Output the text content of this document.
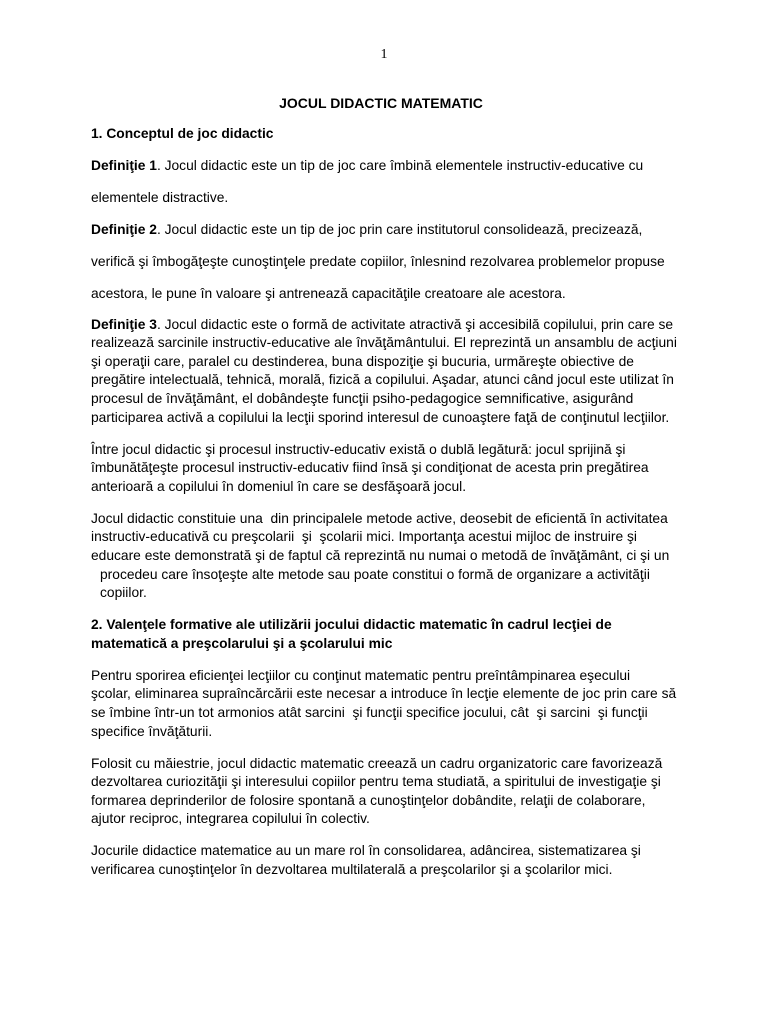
1
JOCUL DIDACTIC MATEMATIC
1. Conceptul de joc didactic
Definiţie 1. Jocul didactic este un tip de joc care îmbină elementele instructiv-educative cu
elementele distractive.
Definiţie 2. Jocul didactic este un tip de joc prin care institutorul consolidează, precizează,
verifică şi îmbogăţeşte cunoştinţele predate copiilor, înlesnind rezolvarea problemelor propuse
acestora, le pune în valoare şi antrenează capacităţile creatoare ale acestora.
Definiţie 3. Jocul didactic este o formă de activitate atractivă şi accesibilă copilului, prin care se
realizează sarcinile instructiv-educative ale învăţământului. El reprezintă un ansamblu de acţiuni
şi operaţii care, paralel cu destinderea, buna dispoziţie şi bucuria, urmăreşte obiective de
pregătire intelectuală, tehnică, morală, fizică a copilului. Aşadar, atunci când jocul este utilizat în
procesul de învăţământ, el dobândeşte funcţii psiho-pedagogice semnificative, asigurând
participarea activă a copilului la lecţii sporind interesul de cunoaştere faţă de conţinutul lecţiilor.
Între jocul didactic şi procesul instructiv-educativ există o dublă legătură: jocul sprijină şi
îmbunătăţeşte procesul instructiv-educativ fiind însă şi condiţionat de acesta prin pregătirea
anterioară a copilului în domeniul în care se desfăşoară jocul.
Jocul didactic constituie una  din principalele metode active, deosebit de eficientă în activitatea
instructiv-educativă cu preşcolarii  şi  şcolarii mici. Importanţa acestui mijloc de instruire şi
educare este demonstrată şi de faptul că reprezintă nu numai o metodă de învăţământ, ci şi un
procedeu care însoţeşte alte metode sau poate constitui o formă de organizare a activităţii
copiilor.
2. Valenţele formative ale utilizării jocului didactic matematic în cadrul lecţiei de
matematică a preşcolarului şi a şcolarului mic
Pentru sporirea eficienţei lecţiilor cu conţinut matematic pentru preîntâmpinarea eşecului
şcolar, eliminarea supraîncărcării este necesar a introduce în lecţie elemente de joc prin care să
se îmbine într-un tot armonios atât sarcini  şi funcţii specifice jocului, cât  şi sarcini  şi funcţii
specifice învăţăturii.
Folosit cu măiestrie, jocul didactic matematic creează un cadru organizatoric care favorizează
dezvoltarea curiozităţii şi interesului copiilor pentru tema studiată, a spiritului de investigaţie şi
formarea deprinderilor de folosire spontană a cunoştinţelor dobândite, relaţii de colaborare,
ajutor reciproc, integrarea copilului în colectiv.
Jocurile didactice matematice au un mare rol în consolidarea, adâncirea, sistematizarea şi
verificarea cunoştinţelor în dezvoltarea multilaterală a preşcolarilor şi a şcolarilor mici.
